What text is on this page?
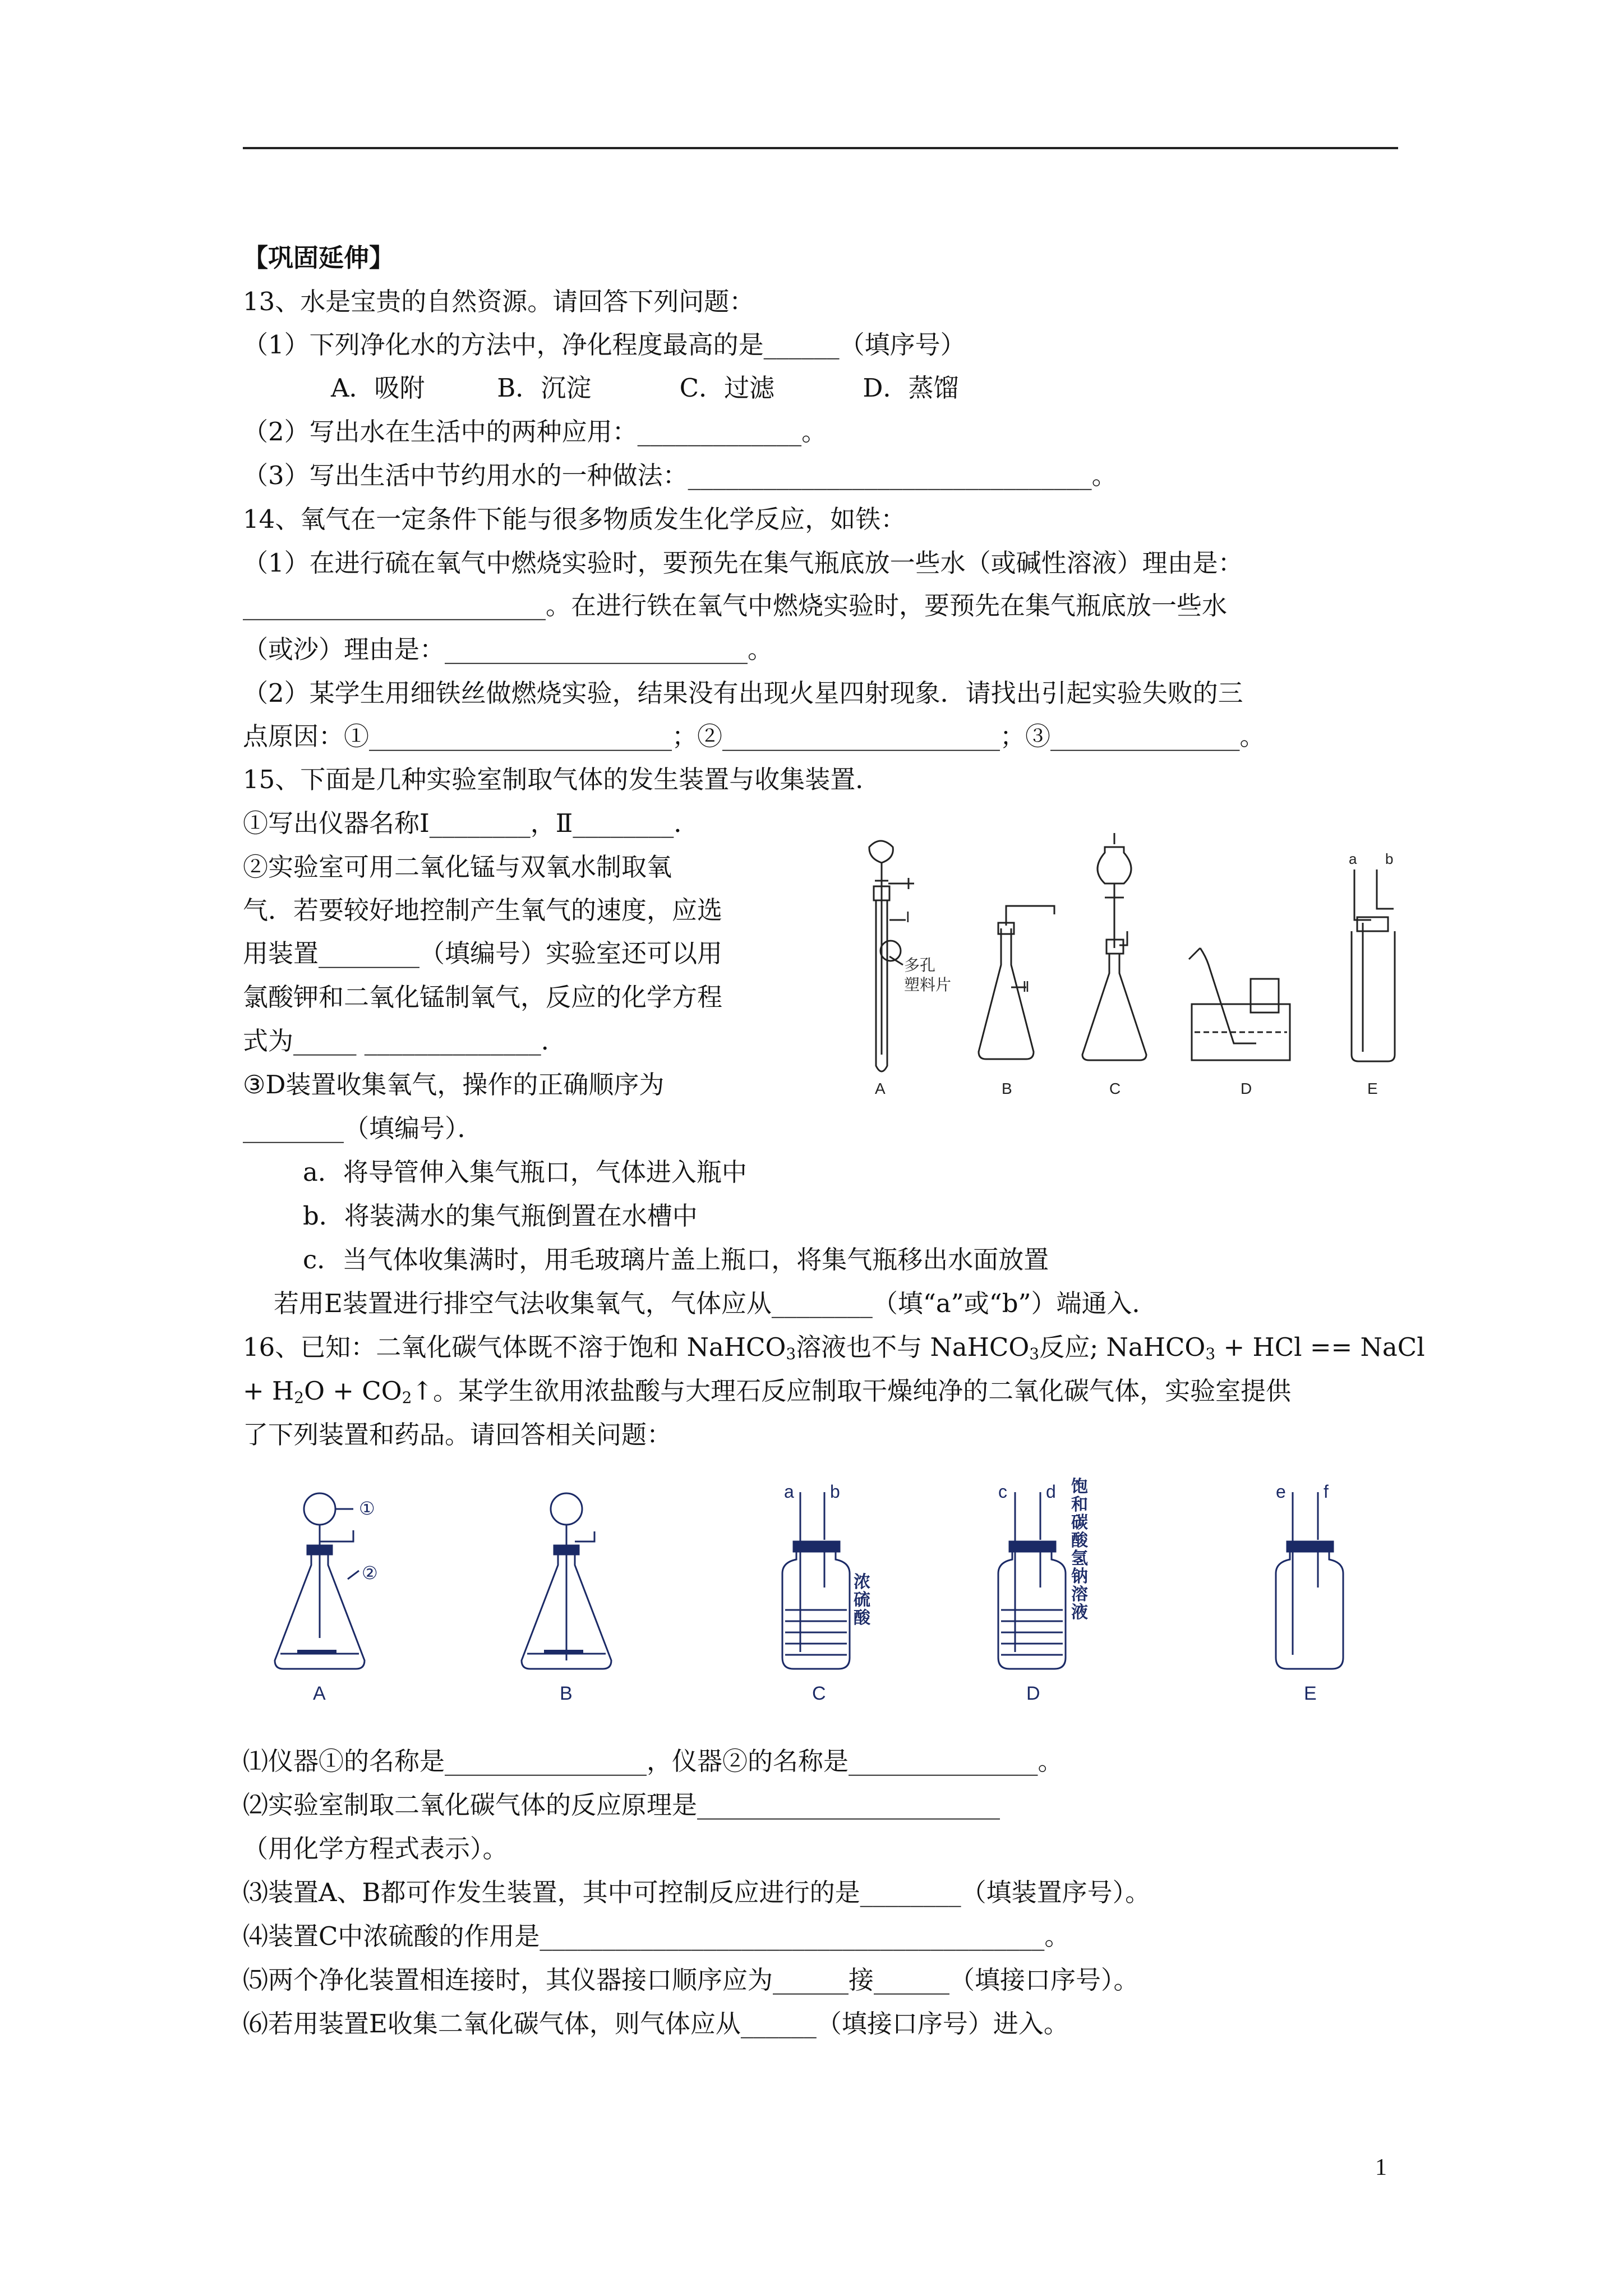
【巩固延伸】
13、水是宝贵的自然资源。请回答下列问题：
（1）下列净化水的方法中，净化程度最高的是______（填序号）
A．吸附         B．沉淀           C．过滤           D．蒸馏
（2）写出水在生活中的两种应用：_____________。
（3）写出生活中节约用水的一种做法：________________________________。
14、氧气在一定条件下能与很多物质发生化学反应，如铁：
（1）在进行硫在氧气中燃烧实验时，要预先在集气瓶底放一些水（或碱性溶液）理由是：
________________________。在进行铁在氧气中燃烧实验时，要预先在集气瓶底放一些水
（或沙）理由是：________________________。
（2）某学生用细铁丝做燃烧实验，结果没有出现火星四射现象．请找出引起实验失败的三
点原因：①________________________；②______________________；③_______________。
15、下面是几种实验室制取气体的发生装置与收集装置．
①写出仪器名称Ⅰ________，Ⅱ________．
②实验室可用二氧化锰与双氧水制取氧
气．若要较好地控制产生氧气的速度，应选
用装置________（填编号）实验室还可以用
氯酸钾和二氧化锰制氧气，反应的化学方程
式为_____ ______________．
③D装置收集氧气，操作的正确顺序为
________（填编号）．
a．将导管伸入集气瓶口，气体进入瓶中
b．将装满水的集气瓶倒置在水槽中
c．当气体收集满时，用毛玻璃片盖上瓶口，将集气瓶移出水面放置
若用E装置进行排空气法收集氧气，气体应从________（填“a”或“b”）端通入．
Ⅰ
Ⅱ
多孔
塑料片
a b
A	B	C	D	E
16、已知：二氧化碳气体既不溶于饱和 NaHCO$_3$溶液也不与 NaHCO$_3$反应; NaHCO$_3$ + HCl == NaCl
+ $H_2O$ + $CO_2↑$。某学生欲用浓盐酸与大理石反应制取干燥纯净的二氧化碳气体，实验室提供
了下列装置和药品。请回答相关问题：
①
②
a b	c d	e f
浓
硫
酸
饱
和
碳
酸
氢
钠
溶
液
A	B	C	D	E
⑴仪器①的名称是________________，仪器②的名称是_______________。
⑵实验室制取二氧化碳气体的反应原理是________________________
（用化学方程式表示）。
⑶装置A、B都可作发生装置，其中可控制反应进行的是________（填装置序号）。
⑷装置C中浓硫酸的作用是________________________________________。
⑸两个净化装置相连接时，其仪器接口顺序应为______接______（填接口序号）。
⑹若用装置E收集二氧化碳气体，则气体应从______（填接口序号）进入。
1
